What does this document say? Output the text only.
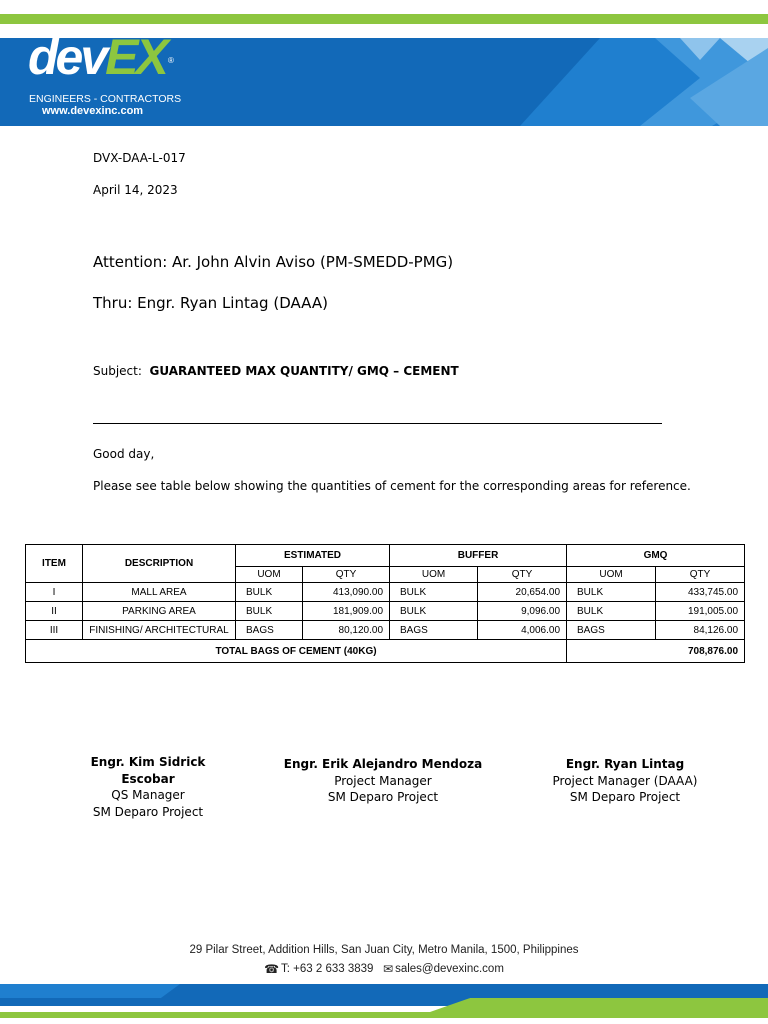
devEX ®
ENGINEERS - CONTRACTORS
www.devexinc.com
DVX-DAA-L-017
April 14, 2023
Attention: Ar. John Alvin Aviso (PM-SMEDD-PMG)
Thru: Engr. Ryan Lintag (DAAA)
Subject: GUARANTEED MAX QUANTITY/ GMQ – CEMENT
Good day,
Please see table below showing the quantities of cement for the corresponding areas for reference.
ITEM	DESCRIPTION	ESTIMATED		BUFFER		GMQ	
		UOM	QTY	UOM	QTY	UOM	QTY
I	MALL AREA	BULK	413,090.00	BULK	20,654.00	BULK	433,745.00
II	PARKING AREA	BULK	181,909.00	BULK	9,096.00	BULK	191,005.00
III	FINISHING/ ARCHITECTURAL	BAGS	80,120.00	BAGS	4,006.00	BAGS	84,126.00
TOTAL BAGS OF CEMENT (40KG)						708,876.00	
Engr. Kim Sidrick Escobar
QS Manager
SM Deparo Project
Engr. Erik Alejandro Mendoza
Project Manager
SM Deparo Project
Engr. Ryan Lintag
Project Manager (DAAA)
SM Deparo Project
29 Pilar Street, Addition Hills, San Juan City, Metro Manila, 1500, Philippines
☎ T: +63 2 633 3839 ✉ sales@devexinc.com
